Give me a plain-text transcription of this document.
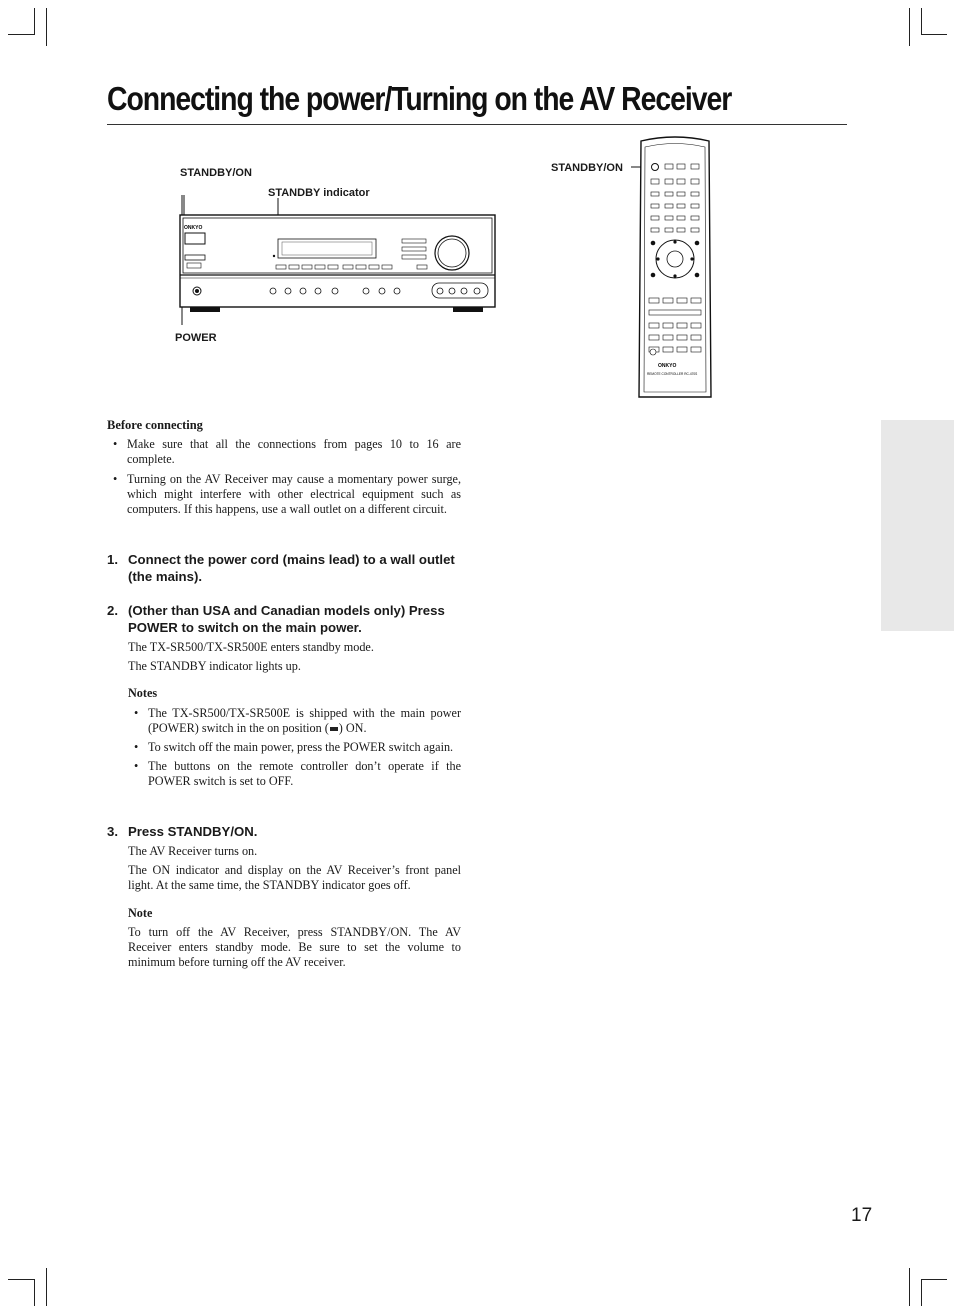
Connecting the power/Turning on the AV Receiver
STANDBY/ON
STANDBY indicator
POWER
STANDBY/ON
ONKYO
ONKYO
REMOTE CONTROLLER RC-470S
Before connecting
• Make sure that all the connections from pages 10 to 16 are complete.
• Turning on the AV Receiver may cause a momentary power surge, which might interfere with other electrical equipment such as computers. If this happens, use a wall outlet on a different circuit.
1. Connect the power cord (mains lead) to a wall outlet (the mains).
2. (Other than USA and Canadian models only) Press POWER to switch on the main power.

The TX-SR500/TX-SR500E enters standby mode.

The STANDBY indicator lights up.

Notes

• The TX-SR500/TX-SR500E is shipped with the main power (POWER) switch in the on position ( ) ON.
• To switch off the main power, press the POWER switch again.
• The buttons on the remote controller don’t operate if the POWER switch is set to OFF.
3. Press STANDBY/ON.

The AV Receiver turns on.

The ON indicator and display on the AV Receiver’s front panel light. At the same time, the STANDBY indicator goes off.

Note

To turn off the AV Receiver, press STANDBY/ON. The AV Receiver enters standby mode. Be sure to set the volume to minimum before turning off the AV receiver.

17
